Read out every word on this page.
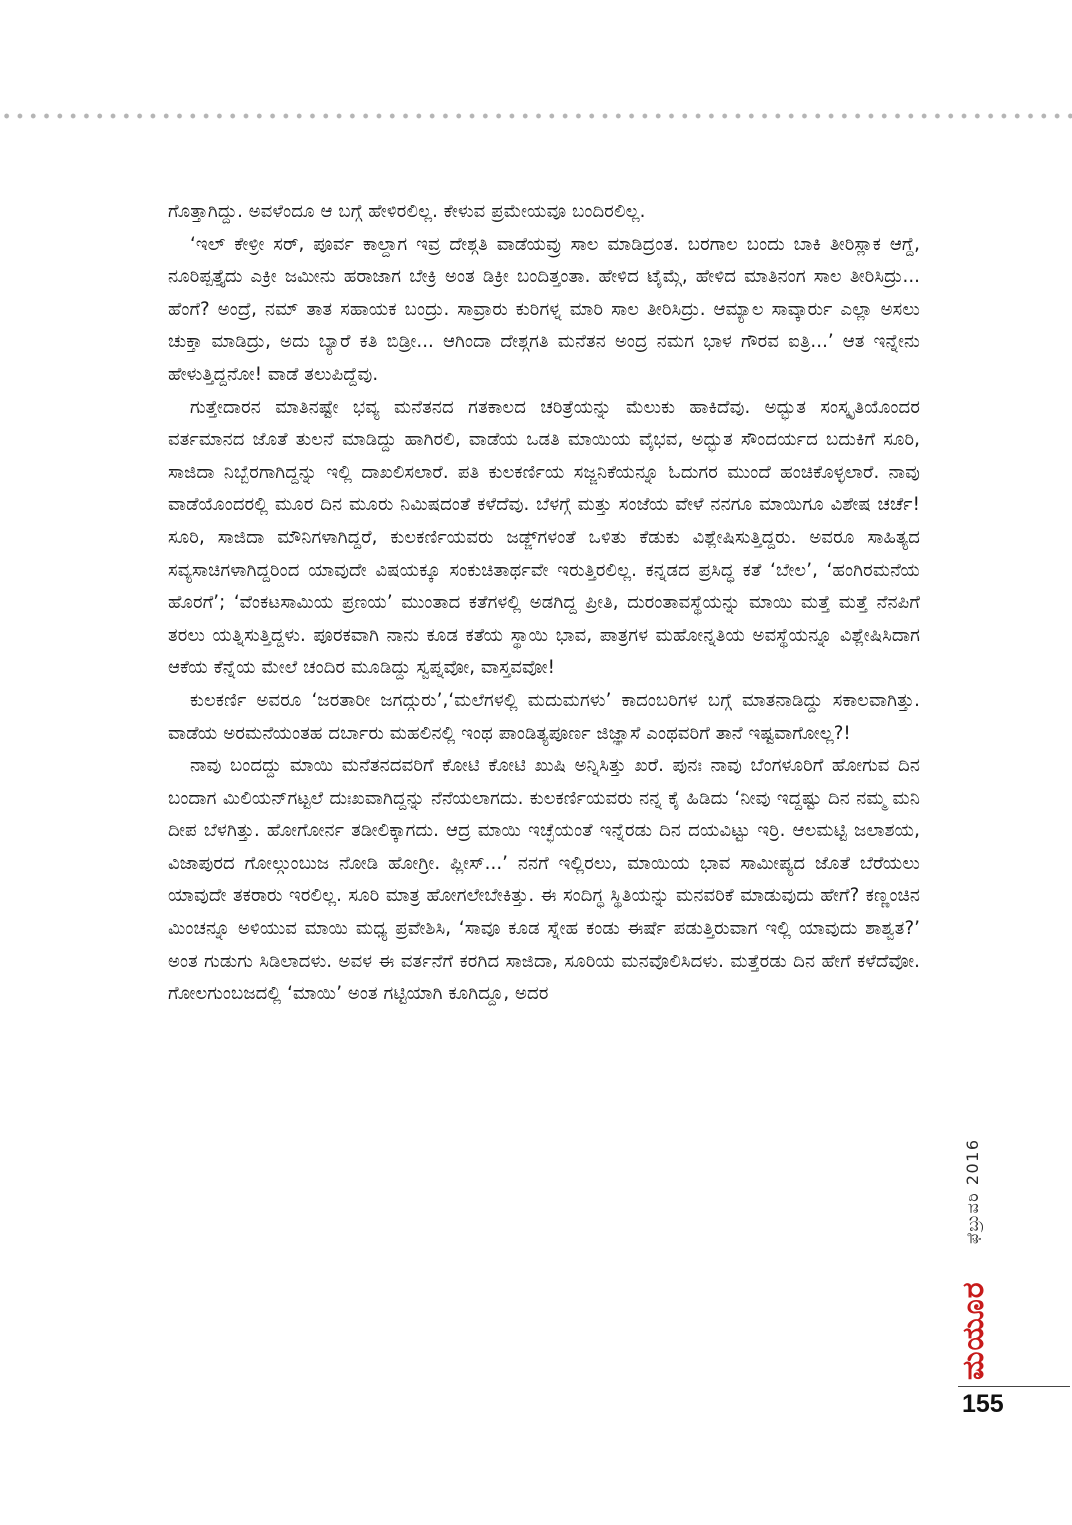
ಗೊತ್ತಾಗಿದ್ದು. ಅವಳೆಂದೂ ಆ ಬಗ್ಗೆ ಹೇಳಿರಲಿಲ್ಲ. ಕೇಳುವ ಪ್ರಮೇಯವೂ ಬಂದಿರಲಿಲ್ಲ.

‘ಇಲ್ ಕೇಳ್ರೀ ಸರ್, ಪೂರ್ವ ಕಾಲ್ದಾಗ ಇವ್ರ ದೇಶ್ಗತಿ ವಾಡೆಯವ್ರು ಸಾಲ ಮಾಡಿದ್ರಂತ. ಬರಗಾಲ ಬಂದು ಬಾಕಿ ತೀರಿಸ್ಲಾಕ ಆಗ್ದೆ, ನೂರಿಪ್ಪತ್ತೈದು ಎಕ್ರೀ ಜಮೀನು ಹರಾಜಾಗ ಬೇಕ್ರಿ ಅಂತ ಡಿಕ್ರೀ ಬಂದಿತ್ತಂತಾ. ಹೇಳಿದ ಟೈಮ್ಗೆ, ಹೇಳಿದ ಮಾತಿನಂಗ ಸಾಲ ತೀರಿಸಿದ್ರು... ಹೆಂಗೆ? ಅಂದ್ರೆ, ನಮ್ ತಾತ ಸಹಾಯಕ ಬಂದ್ರು. ಸಾವ್ರಾರು ಕುರಿಗಳ್ನ ಮಾರಿ ಸಾಲ ತೀರಿಸಿದ್ರು. ಆಮ್ಯಾಲ ಸಾವ್ಕಾರ್ರು ಎಲ್ಲಾ ಅಸಲು ಚುಕ್ತಾ ಮಾಡಿದ್ರು, ಅದು ಬ್ಯಾರೆ ಕತಿ ಬಿಡ್ರೀ... ಆಗಿಂದಾ ದೇಶ್ಗಗತಿ ಮನೆತನ ಅಂದ್ರ ನಮಗ ಭಾಳ ಗೌರವ ಐತ್ರಿ...’ ಆತ ಇನ್ನೇನು ಹೇಳುತ್ತಿದ್ದನೋ! ವಾಡೆ ತಲುಪಿದ್ದೆವು.

ಗುತ್ತೇದಾರನ ಮಾತಿನಷ್ಟೇ ಭವ್ಯ ಮನೆತನದ ಗತಕಾಲದ ಚರಿತ್ರೆಯನ್ನು ಮೆಲುಕು ಹಾಕಿದೆವು. ಅದ್ಭುತ ಸಂಸ್ಕೃತಿಯೊಂದರ ವರ್ತಮಾನದ ಜೊತೆ ತುಲನೆ ಮಾಡಿದ್ದು ಹಾಗಿರಲಿ, ವಾಡೆಯ ಒಡತಿ ಮಾಯಿಯ ವೈಭವ, ಅದ್ಭುತ ಸೌಂದರ್ಯದ ಬದುಕಿಗೆ ಸೂರಿ, ಸಾಜಿದಾ ನಿಬ್ಬೆರಗಾಗಿದ್ದನ್ನು ಇಲ್ಲಿ ದಾಖಲಿಸಲಾರೆ. ಪತಿ ಕುಲಕರ್ಣಿಯ ಸಜ್ಜನಿಕೆಯನ್ನೂ ಓದುಗರ ಮುಂದೆ ಹಂಚಿಕೊಳ್ಳಲಾರೆ. ನಾವು ವಾಡೆಯೊಂದರಲ್ಲಿ ಮೂರ ದಿನ ಮೂರು ನಿಮಿಷದಂತೆ ಕಳೆದೆವು. ಬೆಳಗ್ಗೆ ಮತ್ತು ಸಂಜೆಯ ವೇಳೆ ನನಗೂ ಮಾಯಿಗೂ ವಿಶೇಷ ಚರ್ಚೆ! ಸೂರಿ, ಸಾಜಿದಾ ಮೌನಿಗಳಾಗಿದ್ದರೆ, ಕುಲಕರ್ಣಿಯವರು ಜಡ್ಜ್‌ಗಳಂತೆ ಒಳಿತು ಕೆಡುಕು ವಿಶ್ಲೇಷಿಸುತ್ತಿದ್ದರು. ಅವರೂ ಸಾಹಿತ್ಯದ ಸವ್ಯಸಾಚಿಗಳಾಗಿದ್ದರಿಂದ ಯಾವುದೇ ವಿಷಯಕ್ಕೂ ಸಂಕುಚಿತಾರ್ಥವೇ ಇರುತ್ತಿರಲಿಲ್ಲ. ಕನ್ನಡದ ಪ್ರಸಿದ್ಧ ಕತೆ ‘ಬೇಲ’, ‘ಹಂಗಿರಮನೆಯ ಹೊರಗೆ’; ‘ವೆಂಕಟಸಾಮಿಯ ಪ್ರಣಯ’ ಮುಂತಾದ ಕತೆಗಳಲ್ಲಿ ಅಡಗಿದ್ದ ಪ್ರೀತಿ, ದುರಂತಾವಸ್ಥೆಯನ್ನು ಮಾಯಿ ಮತ್ತೆ ಮತ್ತೆ ನೆನಪಿಗೆ ತರಲು ಯತ್ನಿಸುತ್ತಿದ್ದಳು. ಪೂರಕವಾಗಿ ನಾನು ಕೂಡ ಕತೆಯ ಸ್ಥಾಯಿ ಭಾವ, ಪಾತ್ರಗಳ ಮಹೋನ್ನತಿಯ ಅವಸ್ಥೆಯನ್ನೂ ವಿಶ್ಲೇಷಿಸಿದಾಗ ಆಕೆಯ ಕೆನ್ನೆಯ ಮೇಲೆ ಚಂದಿರ ಮೂಡಿದ್ದು ಸ್ವಪ್ನವೋ, ವಾಸ್ತವವೋ!

ಕುಲಕರ್ಣಿ ಅವರೂ ‘ಜರತಾರೀ ಜಗದ್ಗುರು’,‘ಮಲೆಗಳಲ್ಲಿ ಮದುಮಗಳು’ ಕಾದಂಬರಿಗಳ ಬಗ್ಗೆ ಮಾತನಾಡಿದ್ದು ಸಕಾಲವಾಗಿತ್ತು. ವಾಡೆಯ ಅರಮನೆಯಂತಹ ದರ್ಬಾರು ಮಹಲಿನಲ್ಲಿ ಇಂಥ ಪಾಂಡಿತ್ಯಪೂರ್ಣ ಜಿಜ್ಞಾಸೆ ಎಂಥವರಿಗೆ ತಾನೆ ಇಷ್ಟವಾಗೋಲ್ಲ?!

ನಾವು ಬಂದದ್ದು ಮಾಯಿ ಮನೆತನದವರಿಗೆ ಕೋಟಿ ಕೋಟಿ ಖುಷಿ ಅನ್ನಿಸಿತ್ತು ಖರೆ. ಪುನಃ ನಾವು ಬೆಂಗಳೂರಿಗೆ ಹೋಗುವ ದಿನ ಬಂದಾಗ ಮಿಲಿಯನ್‌ಗಟ್ಟಲೆ ದುಃಖವಾಗಿದ್ದನ್ನು ನೆನೆಯಲಾಗದು. ಕುಲಕರ್ಣಿಯವರು ನನ್ನ ಕೈ ಹಿಡಿದು ‘ನೀವು ಇದ್ದಷ್ಟು ದಿನ ನಮ್ಮ ಮನಿ ದೀಪ ಬೆಳಗಿತ್ತು. ಹೋಗೋರ್ನ ತಡೀಲಿಕ್ಕಾಗದು. ಆದ್ರ ಮಾಯಿ ಇಚ್ಛೆಯಂತೆ ಇನ್ನೆರಡು ದಿನ ದಯವಿಟ್ಟು ಇರ್ರಿ. ಆಲಮಟ್ಟಿ ಜಲಾಶಯ, ವಿಜಾಪುರದ ಗೋಲ್ಗುಂಬುಜ ನೋಡಿ ಹೋಗ್ರೀ. ಪ್ಲೀಸ್...’ ನನಗೆ ಇಲ್ಲಿರಲು, ಮಾಯಿಯ ಭಾವ ಸಾಮೀಪ್ಯದ ಜೊತೆ ಬೆರೆಯಲು ಯಾವುದೇ ತಕರಾರು ಇರಲಿಲ್ಲ. ಸೂರಿ ಮಾತ್ರ ಹೋಗಲೇಬೇಕಿತ್ತು. ಈ ಸಂದಿಗ್ಧ ಸ್ಥಿತಿಯನ್ನು ಮನವರಿಕೆ ಮಾಡುವುದು ಹೇಗೆ? ಕಣ್ಣಂಚಿನ ಮಿಂಚನ್ನೂ ಅಳಿಯುವ ಮಾಯಿ ಮಧ್ಯ ಪ್ರವೇಶಿಸಿ, ‘ಸಾವೂ ಕೂಡ ಸ್ನೇಹ ಕಂಡು ಈರ್ಷೆ ಪಡುತ್ತಿರುವಾಗ ಇಲ್ಲಿ ಯಾವುದು ಶಾಶ್ವತ?’ ಅಂತ ಗುಡುಗು ಸಿಡಿಲಾದಳು. ಅವಳ ಈ ವರ್ತನೆಗೆ ಕರಗಿದ ಸಾಜಿದಾ, ಸೂರಿಯ ಮನವೊಲಿಸಿದಳು. ಮತ್ತೆರಡು ದಿನ ಹೇಗೆ ಕಳೆದೆವೋ. ಗೋಲಗುಂಬಜದಲ್ಲಿ ‘ಮಾಯಿ’ ಅಂತ ಗಟ್ಟಿಯಾಗಿ ಕೂಗಿದ್ದೂ, ಅದರ

ಫೆಬ್ರುವರಿ 2016
ಮಯೂರ
155
